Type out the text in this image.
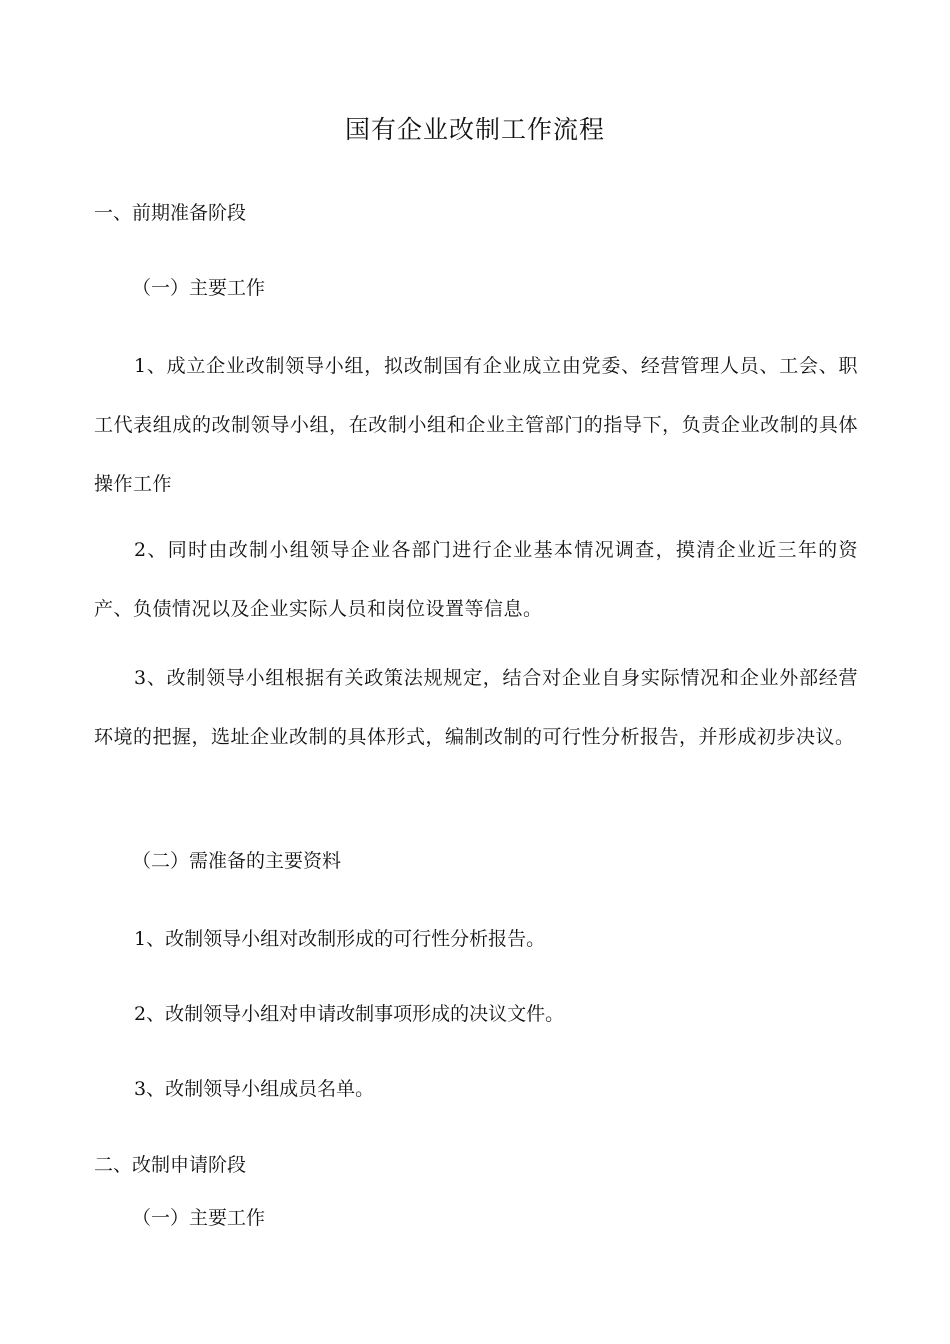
国有企业改制工作流程
一、前期准备阶段
（一）主要工作

1、成立企业改制领导小组，拟改制国有企业成立由党委、经营管理人员、工会、职工代表组成的改制领导小组，在改制小组和企业主管部门的指导下，负责企业改制的具体操作工作

2、同时由改制小组领导企业各部门进行企业基本情况调查，摸清企业近三年的资产、负债情况以及企业实际人员和岗位设置等信息。

3、改制领导小组根据有关政策法规规定，结合对企业自身实际情况和企业外部经营环境的把握，选址企业改制的具体形式，编制改制的可行性分析报告，并形成初步决议。

（二）需准备的主要资料
1、改制领导小组对改制形成的可行性分析报告。
2、改制领导小组对申请改制事项形成的决议文件。
3、改制领导小组成员名单。
二、改制申请阶段
（一）主要工作
